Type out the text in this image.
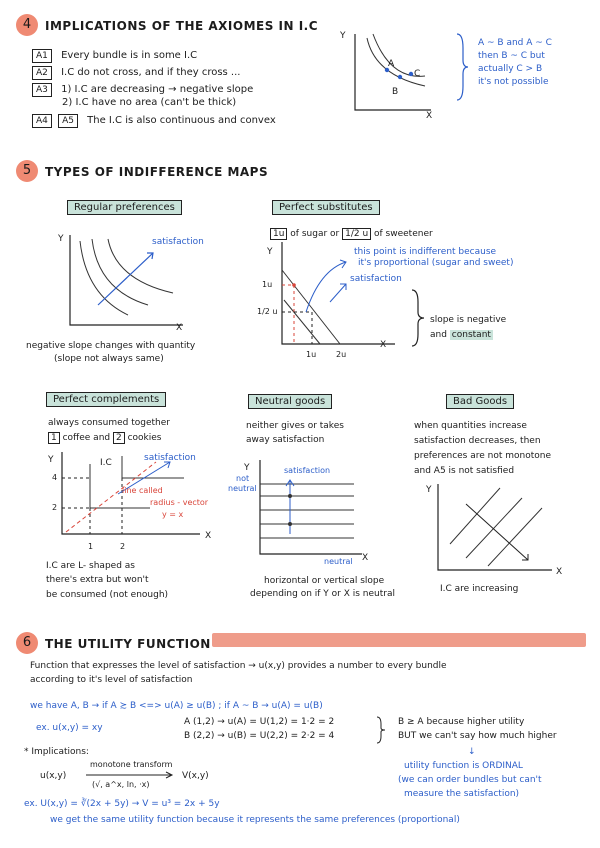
4	IMPLICATIONS OF THE AXIOMES IN I.C
A1 Every bundle is in some I.C
A2 I.C do not cross, and if they cross ...
A3 1) I.C are decreasing → negative slope
2) I.C have no area (can't be thick)
A4 A5 The I.C is also continuous and convex
Y
X
A
B
C
A ~ B and A ~ C
then B ~ C but
actually C > B
it's not possible
5	TYPES OF INDIFFERENCE MAPS
Regular preferences
Y
X
satisfaction
negative slope changes with quantity
(slope not always same)
Perfect substitutes
1u of sugar or 1/2 u of sweetener
this point is indifferent because
it's proportional (sugar and sweet)
satisfaction
1u
1/2 u
1u 2u
Y
X
slope is negative
and constant
Perfect complements
always consumed together
1 coffee and 2 cookies
Y
X
I.C	satisfaction
4
2
1	2
line called
radius - vector
y = x
I.C are L- shaped as
there's extra but won't
be consumed (not enough)
Neutral goods
neither gives or takes
away satisfaction
Y
not
neutral
satisfaction
neutral X
horizontal or vertical slope
depending on if Y or X is neutral
Bad Goods
when quantities increase
satisfaction decreases, then
preferences are not monotone
and A5 is not satisfied
Y
X
I.C are increasing
6	THE UTILITY FUNCTION
Function that expresses the level of satisfaction → u(x,y) provides a number to every bundle
according to it's level of satisfaction
we have A, B → if A ≿ B <=> u(A) ≥ u(B) ; if A ~ B → u(A) = u(B)
ex. u(x,y) = xy
A (1,2) → u(A) = U(1,2) = 1·2 = 2
B (2,2) → u(B) = U(2,2) = 2·2 = 4
B ≥ A because higher utility
BUT we can't say how much higher
* Implications:
u(x,y)
monotone transform
(√, a^x, ln, ·x)
V(x,y)
↓
utility function is ORDINAL
(we can order bundles but can't
measure the satisfaction)
ex. U(x,y) = ∛(2x + 5y) → V = u³ = 2x + 5y
we get the same utility function because it represents the same preferences (proportional)
